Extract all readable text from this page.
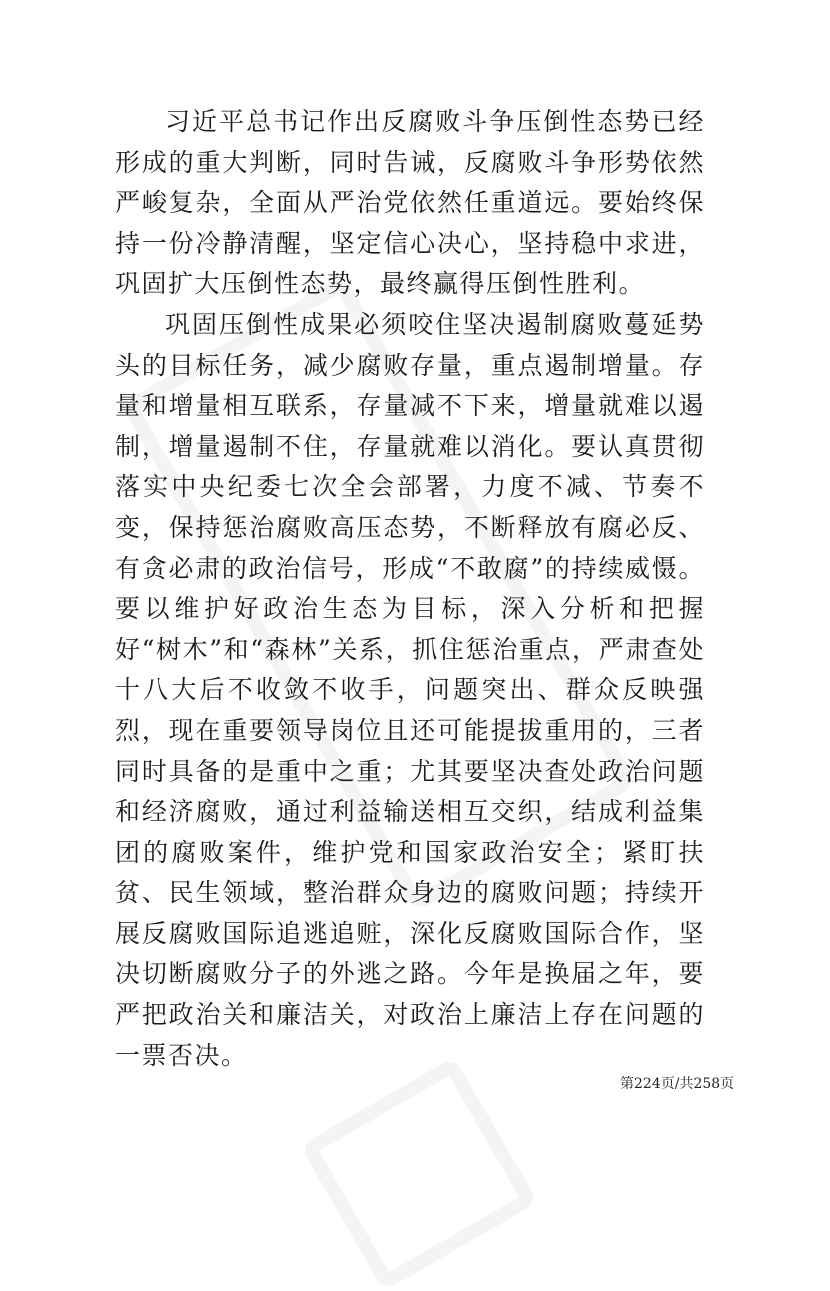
习近平总书记作出反腐败斗争压倒性态势已经形成的重大判断，同时告诫，反腐败斗争形势依然严峻复杂，全面从严治党依然任重道远。要始终保持一份冷静清醒，坚定信心决心，坚持稳中求进，巩固扩大压倒性态势，最终赢得压倒性胜利。

巩固压倒性成果必须咬住坚决遏制腐败蔓延势头的目标任务，减少腐败存量，重点遏制增量。存量和增量相互联系，存量减不下来，增量就难以遏制，增量遏制不住，存量就难以消化。要认真贯彻落实中央纪委七次全会部署，力度不减、节奏不变，保持惩治腐败高压态势，不断释放有腐必反、有贪必肃的政治信号，形成“不敢腐”的持续威慑。要以维护好政治生态为目标，深入分析和把握好“树木”和“森林”关系，抓住惩治重点，严肃查处十八大后不收敛不收手，问题突出、群众反映强烈，现在重要领导岗位且还可能提拔重用的，三者同时具备的是重中之重；尤其要坚决查处政治问题和经济腐败，通过利益输送相互交织，结成利益集团的腐败案件，维护党和国家政治安全；紧盯扶贫、民生领域，整治群众身边的腐败问题；持续开展反腐败国际追逃追赃，深化反腐败国际合作，坚决切断腐败分子的外逃之路。今年是换届之年，要严把政治关和廉洁关，对政治上廉洁上存在问题的一票否决。

第224页/共258页
